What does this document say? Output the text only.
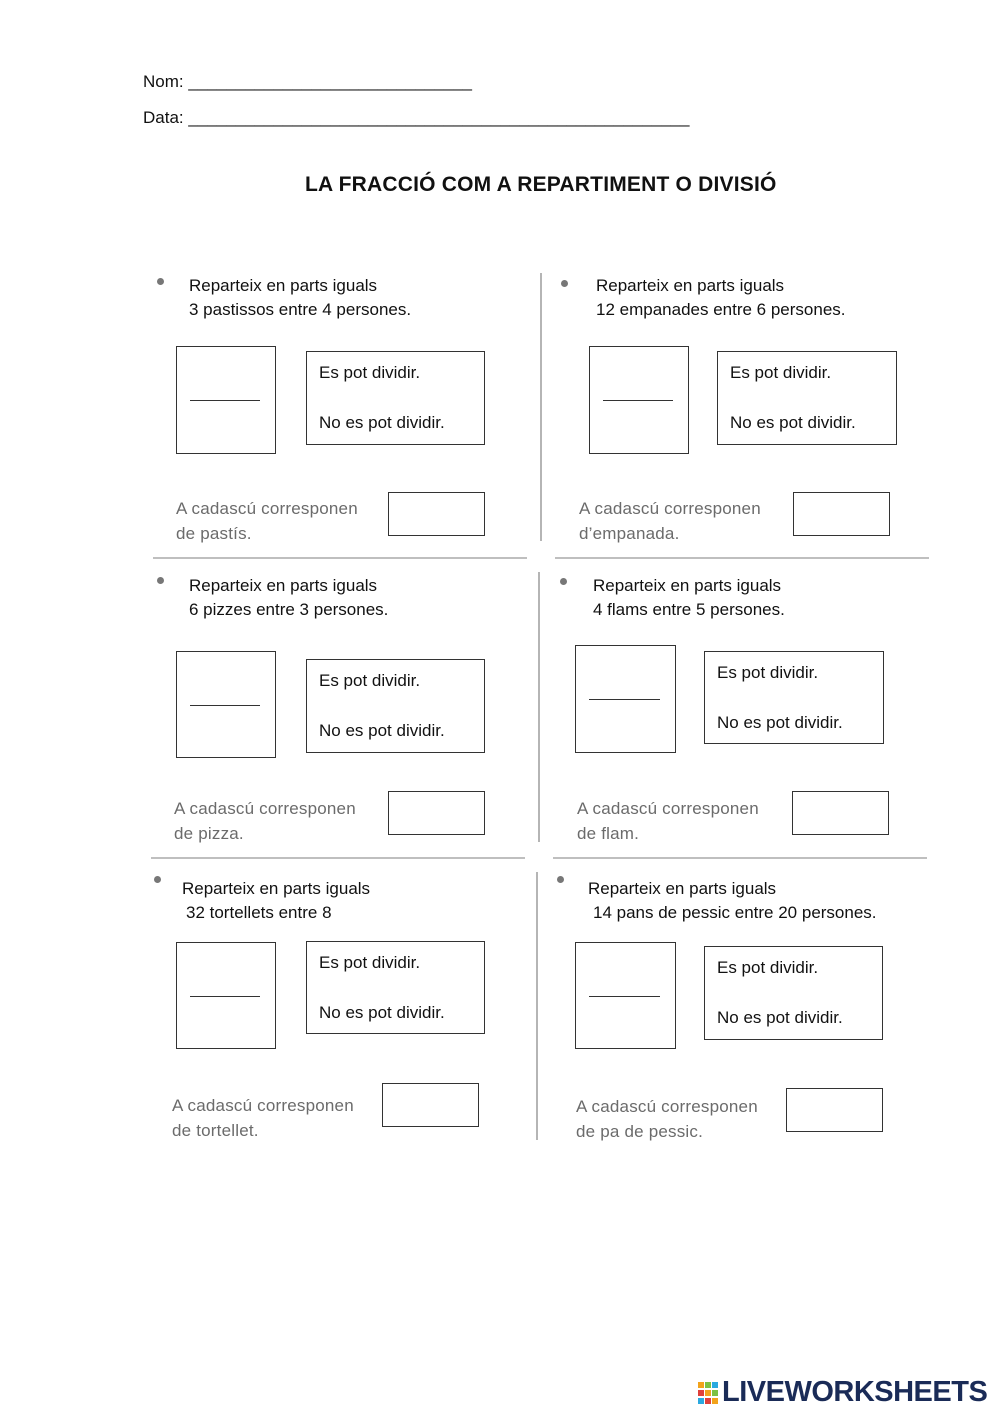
Nom: ______________________________
Data: _____________________________________________________
LA FRACCIÓ COM A REPARTIMENT O DIVISIÓ
Reparteix en parts iguals
3 pastissos entre 4 persones.
Es pot dividir.
No es pot dividir.
A cadascú corresponen
de pastís.
Reparteix en parts iguals
12 empanades entre 6 persones.
Es pot dividir.
No es pot dividir.
A cadascú corresponen
d’empanada.
Reparteix en parts iguals
6 pizzes entre 3 persones.
Es pot dividir.
No es pot dividir.
A cadascú corresponen
de pizza.
Reparteix en parts iguals
4 flams entre 5 persones.
Es pot dividir.
No es pot dividir.
A cadascú corresponen
de flam.
Reparteix en parts iguals
32 tortellets entre 8
Es pot dividir.
No es pot dividir.
A cadascú corresponen
de tortellet.
Reparteix en parts iguals
14 pans de pessic entre 20 persones.
Es pot dividir.
No es pot dividir.
A cadascú corresponen
de pa de pessic.
LIVEWORKSHEETS
